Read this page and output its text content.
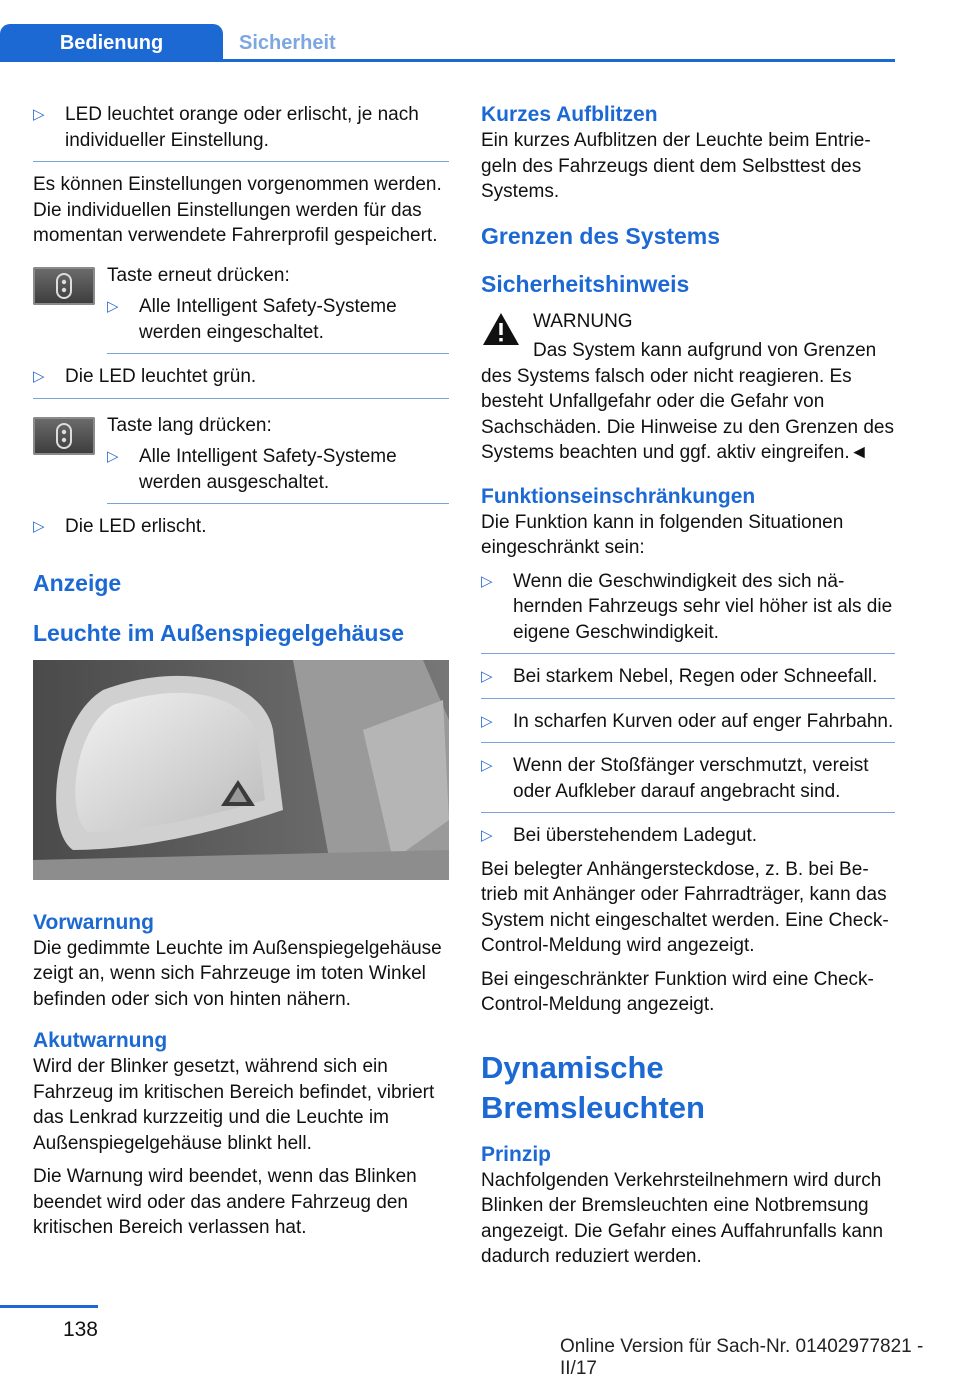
Bedienung	Sicherheit
▷ LED leuchtet orange oder erlischt, je nach individueller Einstellung.

Es können Einstellungen vorgenommen werden. Die individuellen Einstellungen werden für das momentan verwendete Fahrerprofil gespeichert.

Taste erneut drücken:
▷ Alle Intelligent Safety-Systeme werden eingeschaltet.
▷ Die LED leuchtet grün.
Taste lang drücken:
▷ Alle Intelligent Safety-Systeme werden ausgeschaltet.
▷ Die LED erlischt.
Anzeige
Leuchte im Außenspiegelgehäuse
Vorwarnung

Die gedimmte Leuchte im Außenspiegelgehäuse zeigt an, wenn sich Fahrzeuge im toten Winkel befinden oder sich von hinten nähern.

Akutwarnung

Wird der Blinker gesetzt, während sich ein Fahrzeug im kritischen Bereich befindet, vibriert das Lenkrad kurzzeitig und die Leuchte im Außenspiegelgehäuse blinkt hell.

Die Warnung wird beendet, wenn das Blinken beendet wird oder das andere Fahrzeug den kritischen Bereich verlassen hat.

Kurzes Aufblitzen

Ein kurzes Aufblitzen der Leuchte beim Entriegeln des Fahrzeugs dient dem Selbsttest des Systems.

Grenzen des Systems
Sicherheitshinweis
WARNUNG

Das System kann aufgrund von Grenzen des Systems falsch oder nicht reagieren. Es besteht Unfallgefahr oder die Gefahr von Sachschäden. Die Hinweise zu den Grenzen des Systems beachten und ggf. aktiv eingreifen.◄

Funktionseinschränkungen

Die Funktion kann in folgenden Situationen eingeschränkt sein:

▷ Wenn die Geschwindigkeit des sich nähernden Fahrzeugs sehr viel höher ist als die eigene Geschwindigkeit.
▷ Bei starkem Nebel, Regen oder Schneefall.
▷ In scharfen Kurven oder auf enger Fahrbahn.
▷ Wenn der Stoßfänger verschmutzt, vereist oder Aufkleber darauf angebracht sind.
▷ Bei überstehendem Ladegut.

Bei belegter Anhängersteckdose, z. B. bei Betrieb mit Anhänger oder Fahrradträger, kann das System nicht eingeschaltet werden. Eine Check-Control-Meldung wird angezeigt.

Bei eingeschränkter Funktion wird eine Check-Control-Meldung angezeigt.

Dynamische Bremsleuchten
Prinzip

Nachfolgenden Verkehrsteilnehmern wird durch Blinken der Bremsleuchten eine Notbremsung angezeigt. Die Gefahr eines Auffahrunfalls kann dadurch reduziert werden.

138
Online Version für Sach-Nr. 01402977821 - II/17
